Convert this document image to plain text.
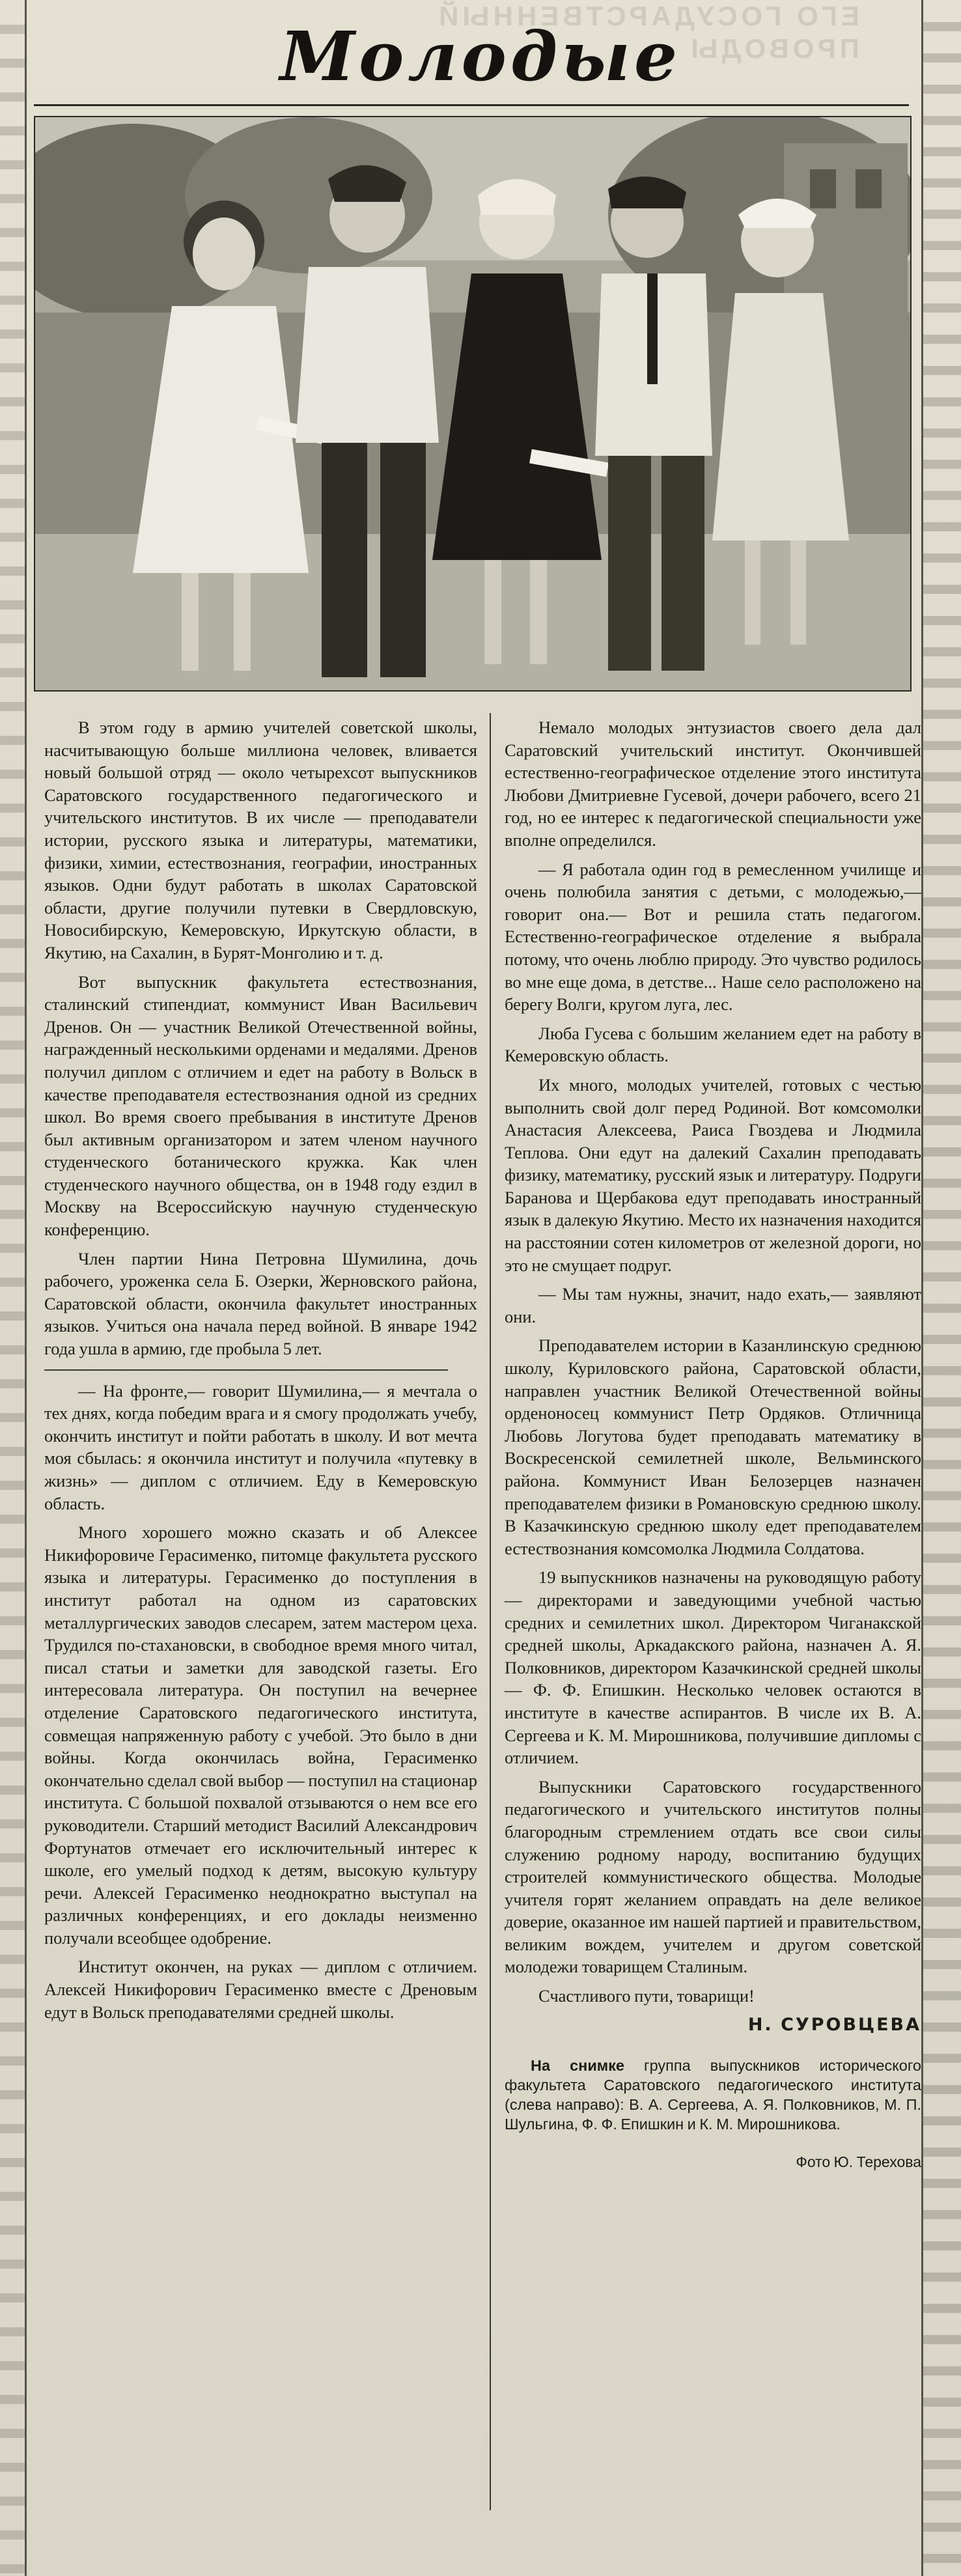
ЕГО ГОСУДАРСТВЕННЫЙ
ПРОВОДЫ
Молодые

В этом году в армию учителей советской школы, насчитывающую больше миллиона человек, вливается новый большой отряд — около четырехсот выпускников Саратовского государственного педагогического и учительского институтов. В их числе — преподаватели истории, русского языка и литературы, математики, физики, химии, естествознания, географии, иностранных языков. Одни будут работать в школах Саратовской области, другие получили путевки в Свердловскую, Новосибирскую, Кемеровскую, Иркутскую области, в Якутию, на Сахалин, в Бурят-Монголию и т. д.

Вот выпускник факультета естествознания, сталинский стипендиат, коммунист Иван Васильевич Дренов. Он — участник Великой Отечественной войны, награжденный несколькими орденами и медалями. Дренов получил диплом с отличием и едет на работу в Вольск в качестве преподавателя естествознания одной из средних школ. Во время своего пребывания в институте Дренов был активным организатором и затем членом научного студенческого ботанического кружка. Как член студенческого научного общества, он в 1948 году ездил в Москву на Всероссийскую научную студенческую конференцию.

Член партии Нина Петровна Шумилина, дочь рабочего, уроженка села Б. Озерки, Жерновского района, Саратовской области, окончила факультет иностранных языков. Учиться она начала перед войной. В январе 1942 года ушла в армию, где пробыла 5 лет.

— На фронте,— говорит Шумилина,— я мечтала о тех днях, когда победим врага и я смогу продолжать учебу, окончить институт и пойти работать в школу. И вот мечта моя сбылась: я окончила институт и получила «путевку в жизнь» — диплом с отличием. Еду в Кемеровскую область.

Много хорошего можно сказать и об Алексее Никифоровиче Герасименко, питомце факультета русского языка и литературы. Герасименко до поступления в институт работал на одном из саратовских металлургических заводов слесарем, затем мастером цеха. Трудился по-стахановски, в свободное время много читал, писал статьи и заметки для заводской газеты. Его интересовала литература. Он поступил на вечернее отделение Саратовского педагогического института, совмещая напряженную работу с учебой. Это было в дни войны. Когда окончилась война, Герасименко окончательно сделал свой выбор — поступил на стационар института. С большой похвалой отзываются о нем все его руководители. Старший методист Василий Александрович Фортунатов отмечает его исключительный интерес к школе, его умелый подход к детям, высокую культуру речи. Алексей Герасименко неоднократно выступал на различных конференциях, и его доклады неизменно получали всеобщее одобрение.

Институт окончен, на руках — диплом с отличием. Алексей Никифорович Герасименко вместе с Дреновым едут в Вольск преподавателями средней школы.

Немало молодых энтузиастов своего дела дал Саратовский учительский институт. Окончившей естественно-географическое отделение этого института Любови Дмитриевне Гусевой, дочери рабочего, всего 21 год, но ее интерес к педагогической специальности уже вполне определился.

— Я работала один год в ремесленном училище и очень полюбила занятия с детьми, с молодежью,— говорит она.— Вот и решила стать педагогом. Естественно-географическое отделение я выбрала потому, что очень люблю природу. Это чувство родилось во мне еще дома, в детстве... Наше село расположено на берегу Волги, кругом луга, лес.

Люба Гусева с большим желанием едет на работу в Кемеровскую область.

Их много, молодых учителей, готовых с честью выполнить свой долг перед Родиной. Вот комсомолки Анастасия Алексеева, Раиса Гвоздева и Людмила Теплова. Они едут на далекий Сахалин преподавать физику, математику, русский язык и литературу. Подруги Баранова и Щербакова едут преподавать иностранный язык в далекую Якутию. Место их назначения находится на расстоянии сотен километров от железной дороги, но это не смущает подруг.

— Мы там нужны, значит, надо ехать,— заявляют они.

Преподавателем истории в Казанлинскую среднюю школу, Куриловского района, Саратовской области, направлен участник Великой Отечественной войны орденоносец коммунист Петр Ордяков. Отличница Любовь Логутова будет преподавать математику в Воскресенской семилетней школе, Вельминского района. Коммунист Иван Белозерцев назначен преподавателем физики в Романовскую среднюю школу. В Казачкинскую среднюю школу едет преподавателем естествознания комсомолка Людмила Солдатова.

19 выпускников назначены на руководящую работу — директорами и заведующими учебной частью средних и семилетних школ. Директором Чиганакской средней школы, Аркадакского района, назначен А. Я. Полковников, директором Казачкинской средней школы — Ф. Ф. Епишкин. Несколько человек остаются в институте в качестве аспирантов. В числе их В. А. Сергеева и К. М. Мирошникова, получившие дипломы с отличием.

Выпускники Саратовского государственного педагогического и учительского институтов полны благородным стремлением отдать все свои силы служению родному народу, воспитанию будущих строителей коммунистического общества. Молодые учителя горят желанием оправдать на деле великое доверие, оказанное им нашей партией и правительством, великим вождем, учителем и другом советской молодежи товарищем Сталиным.

Счастливого пути, товарищи!

Н. СУРОВЦЕВА

На снимке группа выпускников исторического факультета Саратовского педагогического института (слева направо): В. А. Сергеева, А. Я. Полковников, М. П. Шульгина, Ф. Ф. Епишкин и К. М. Мирошникова.

Фото Ю. Терехова
